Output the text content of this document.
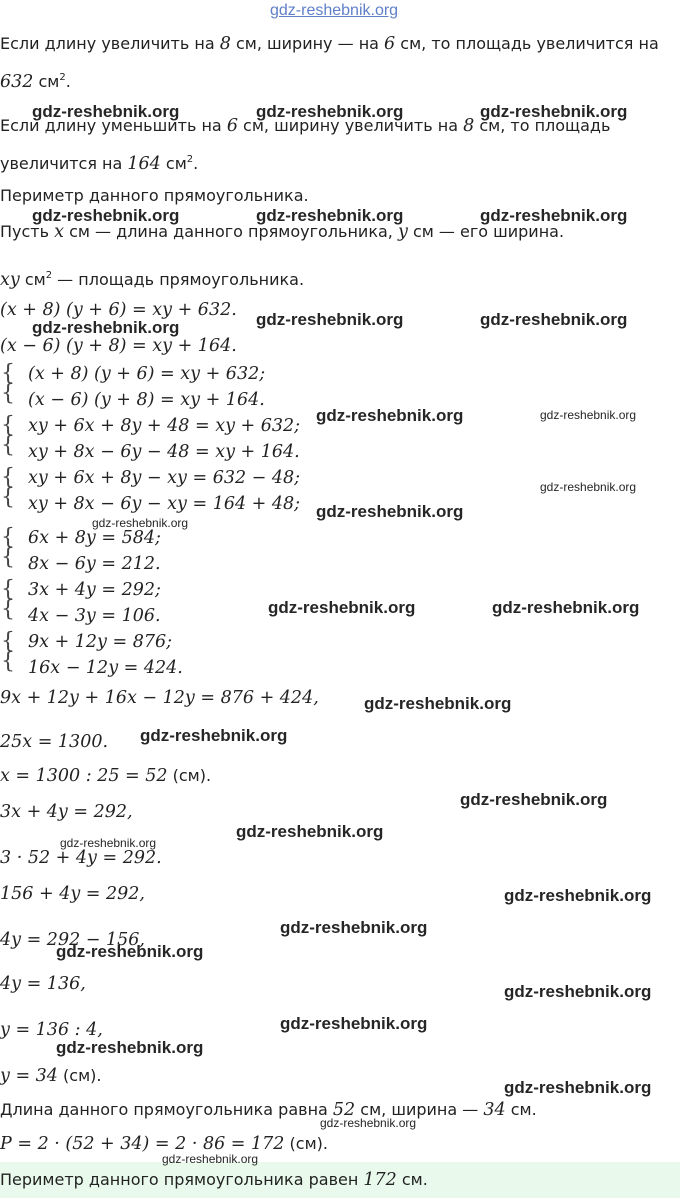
gdz-reshebnik.org
Если длину увеличить на 8 см, ширину — на 6 см, то площадь увеличится на
632 $см^2$.
Если длину уменьшить на 6 см, ширину увеличить на 8 см, то площадь
увеличится на 164 $см^2$.
Периметр данного прямоугольника.
Пусть x см — длина данного прямоугольника, y см — его ширина.
xy $см^2$ — площадь прямоугольника.
(x + 8) (y + 6) = xy + 632.
(x − 6) (y + 8) = xy + 164.
{
{
{
{
{
{
{
{
{
{
{
{
(x + 8) (y + 6) = xy + 632;
(x − 6) (y + 8) = xy + 164.
xy + 6x + 8y + 48 = xy + 632;
xy + 8x − 6y − 48 = xy + 164.
xy + 6x + 8y − xy = 632 − 48;
xy + 8x − 6y − xy = 164 + 48;
6x + 8y = 584;
8x − 6y = 212.
3x + 4y = 292;
4x − 3y = 106.
9x + 12y = 876;
16x − 12y = 424.
9x + 12y + 16x − 12y = 876 + 424,
25x = 1300.
x = 1300 : 25 = 52 (см).
3x + 4y = 292,
3 · 52 + 4y = 292.
156 + 4y = 292,
4y = 292 − 156,
4y = 136,
y = 136 : 4,
y = 34 (см).
Длина данного прямоугольника равна 52 см, ширина — 34 см.
P = 2 · (52 + 34) = 2 · 86 = 172 (см).
Периметр данного прямоугольника равен 172 см.
gdz-reshebnik.org	gdz-reshebnik.org	gdz-reshebnik.org
gdz-reshebnik.org	gdz-reshebnik.org	gdz-reshebnik.org
gdz-reshebnik.org	gdz-reshebnik.org	gdz-reshebnik.org
gdz-reshebnik.org	gdz-reshebnik.org
gdz-reshebnik.org
gdz-reshebnik.org
gdz-reshebnik.org
gdz-reshebnik.org	gdz-reshebnik.org
gdz-reshebnik.org
gdz-reshebnik.org
gdz-reshebnik.org
gdz-reshebnik.org
gdz-reshebnik.org
gdz-reshebnik.org
gdz-reshebnik.org
gdz-reshebnik.org
gdz-reshebnik.org
gdz-reshebnik.org
gdz-reshebnik.org
gdz-reshebnik.org
gdz-reshebnik.org
gdz-reshebnik.org
